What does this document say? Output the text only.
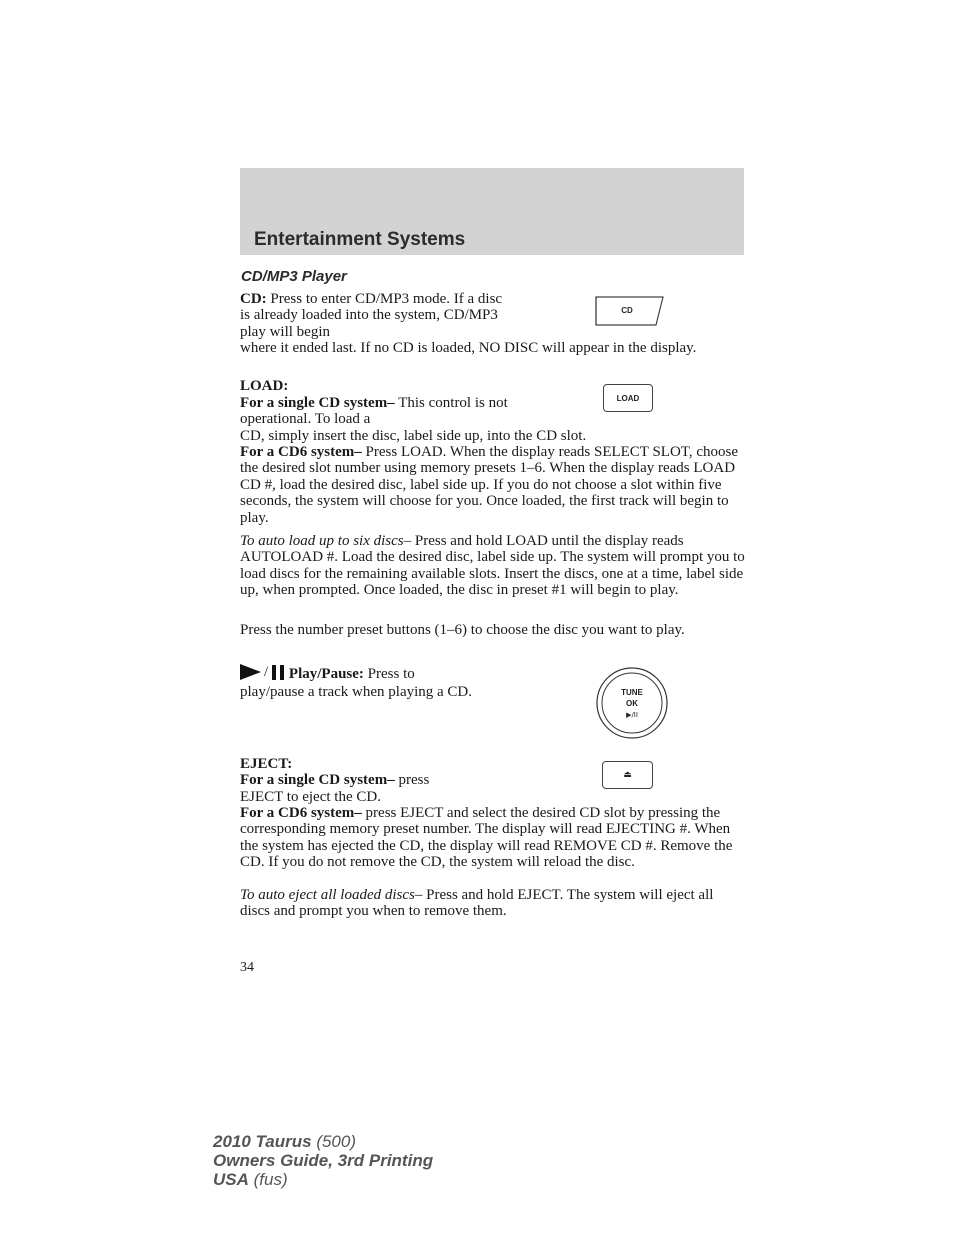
Entertainment Systems
CD/MP3 Player
CD: Press to enter CD/MP3 mode. If a disc is already loaded into the system, CD/MP3 play will begin
where it ended last. If no CD is loaded, NO DISC will appear in the display.
CD
LOAD:
For a single CD system– This control is not operational. To load a
CD, simply insert the disc, label side up, into the CD slot.
For a CD6 system– Press LOAD. When the display reads SELECT SLOT, choose the desired slot number using memory presets 1–6. When the display reads LOAD CD #, load the desired disc, label side up. If you do not choose a slot within five seconds, the system will choose for you. Once loaded, the first track will begin to play.
LOAD
To auto load up to six discs– Press and hold LOAD until the display reads AUTOLOAD #. Load the desired disc, label side up. The system will prompt you to load discs for the remaining available slots. Insert the discs, one at a time, label side up, when prompted. Once loaded, the disc in preset #1 will begin to play.
Press the number preset buttons (1–6) to choose the disc you want to play.
/ Play/Pause: Press to
play/pause a track when playing a CD.	TUNE
OK
▶/II
EJECT:
For a single CD system– press
EJECT to eject the CD.
For a CD6 system– press EJECT and select the desired CD slot by pressing the corresponding memory preset number. The display will read EJECTING #. When the system has ejected the CD, the display will read REMOVE CD #. Remove the CD. If you do not remove the CD, the system will reload the disc.
To auto eject all loaded discs– Press and hold EJECT. The system will eject all discs and prompt you when to remove them.
⏏
34
2010 Taurus (500)
Owners Guide, 3rd Printing
USA (fus)
